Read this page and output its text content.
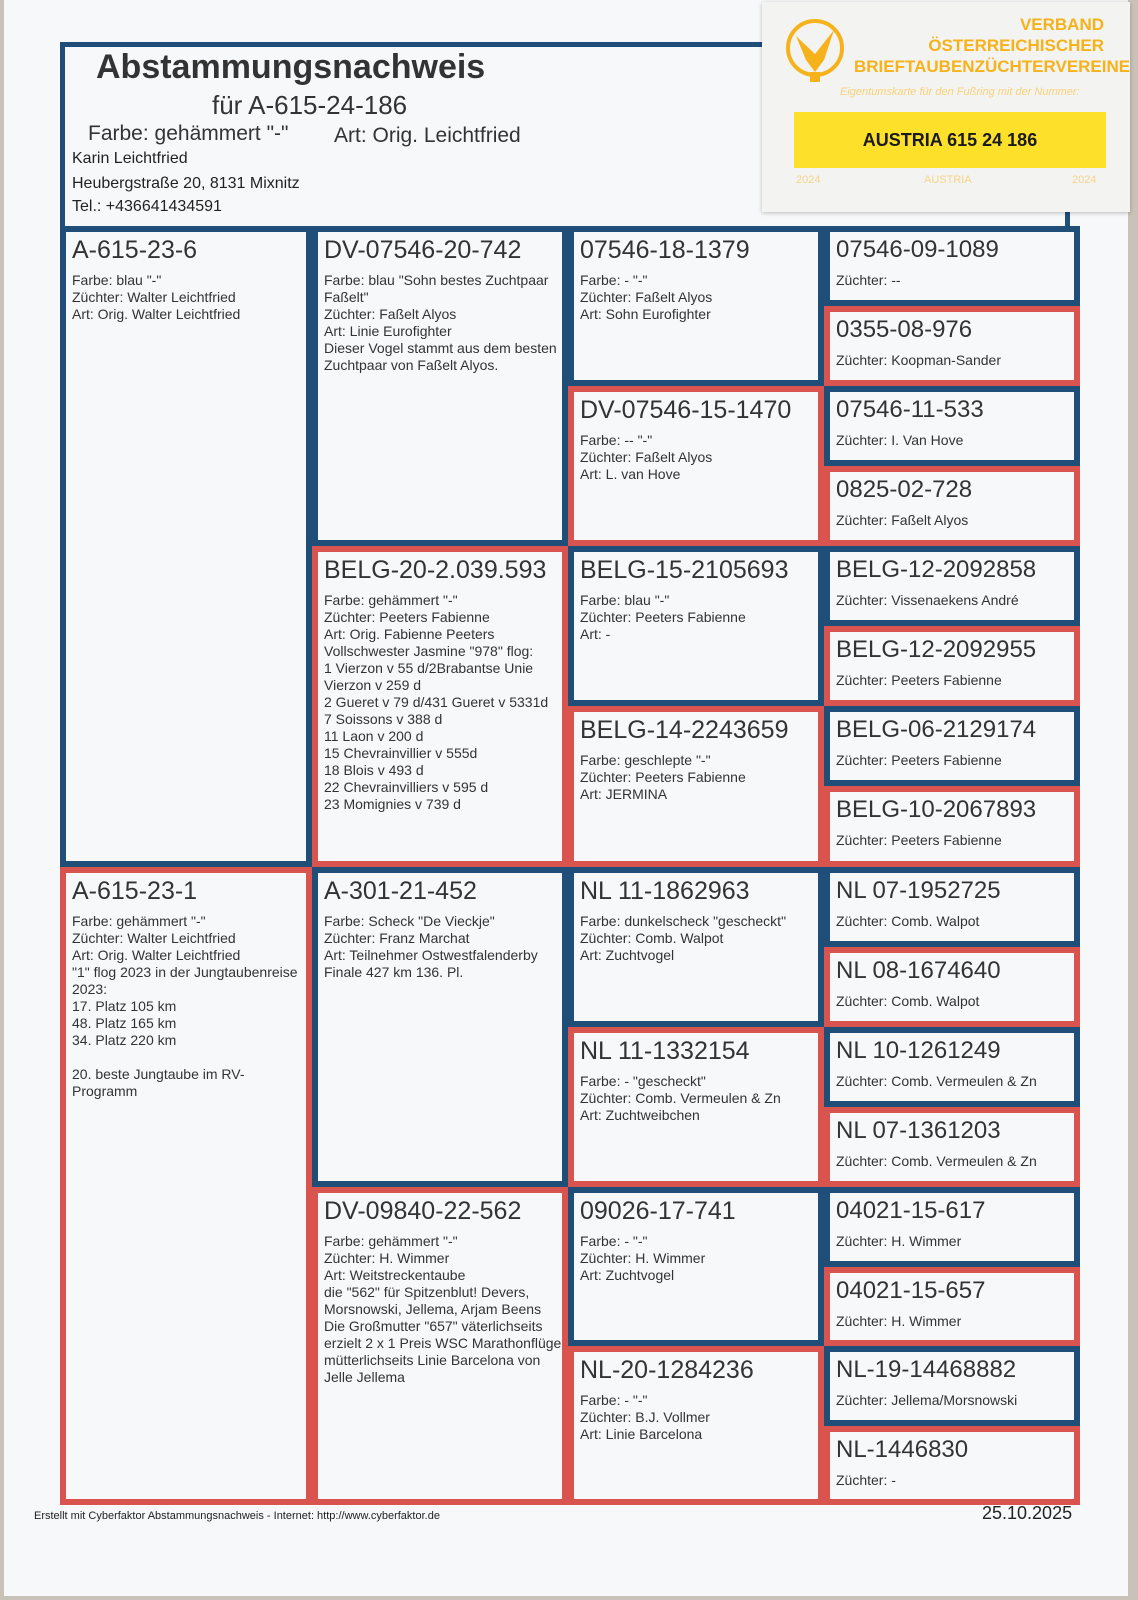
Abstammungsnachweis
für A-615-24-186
Farbe: gehämmert "-" Art: Orig. Leichtfried
Karin Leichtfried
Heubergstraße 20, 8131 Mixnitz
Tel.: +436641434591
VERBAND ÖSTERREICHISCHER BRIEFTAUBENZÜCHTERVEREINE
Eigentumskarte für den Fußring mit der Nummer:
AUSTRIA 615 24 186
2024	AUSTRIA	2024
A-615-23-6
Farbe: blau "-"
Züchter: Walter Leichtfried
Art: Orig. Walter Leichtfried
A-615-23-1
Farbe: gehämmert "-"
Züchter: Walter Leichtfried
Art: Orig. Walter Leichtfried
"1" flog 2023 in der Jungtaubenreise 2023:
17. Platz 105 km
48. Platz 165 km
34. Platz 220 km

20. beste Jungtaube im RV-Programm
DV-07546-20-742
Farbe: blau "Sohn bestes Zuchtpaar Faßelt"
Züchter: Faßelt Alyos
Art: Linie Eurofighter
Dieser Vogel stammt aus dem besten Zuchtpaar von Faßelt Alyos.
BELG-20-2.039.593
Farbe: gehämmert "-"
Züchter: Peeters Fabienne
Art: Orig. Fabienne Peeters
Vollschwester Jasmine "978" flog:
1 Vierzon v 55 d/2Brabantse Unie Vierzon v 259 d
2 Gueret v 79 d/431 Gueret v 5331d
7 Soissons v 388 d
11 Laon v 200 d
15 Chevrainvillier v 555d
18 Blois v 493 d
22 Chevrainvilliers v 595 d
23 Momignies v 739 d
A-301-21-452
Farbe: Scheck "De Vieckje"
Züchter: Franz Marchat
Art: Teilnehmer Ostwestfalenderby
Finale 427 km 136. Pl.
DV-09840-22-562
Farbe: gehämmert "-"
Züchter: H. Wimmer
Art: Weitstreckentaube
die "562" für Spitzenblut! Devers, Morsnowski, Jellema, Arjam Beens
Die Großmutter "657" väterlichseits erzielt 2 x 1 Preis WSC Marathonflüge
mütterlichseits Linie Barcelona von Jelle Jellema
07546-18-1379
Farbe: - "-"
Züchter: Faßelt Alyos
Art: Sohn Eurofighter
DV-07546-15-1470
Farbe: -- "-"
Züchter: Faßelt Alyos
Art: L. van Hove
BELG-15-2105693
Farbe: blau "-"
Züchter: Peeters Fabienne
Art: -
BELG-14-2243659
Farbe: geschlepte "-"
Züchter: Peeters Fabienne
Art: JERMINA
NL 11-1862963
Farbe: dunkelscheck "gescheckt"
Züchter: Comb. Walpot
Art: Zuchtvogel
NL 11-1332154
Farbe: - "gescheckt"
Züchter: Comb. Vermeulen & Zn
Art: Zuchtweibchen
09026-17-741
Farbe: - "-"
Züchter: H. Wimmer
Art: Zuchtvogel
NL-20-1284236
Farbe: - "-"
Züchter: B.J. Vollmer
Art: Linie Barcelona
07546-09-1089
Züchter: --
0355-08-976
Züchter: Koopman-Sander
07546-11-533
Züchter: I. Van Hove
0825-02-728
Züchter: Faßelt Alyos
BELG-12-2092858
Züchter: Vissenaekens André
BELG-12-2092955
Züchter: Peeters Fabienne
BELG-06-2129174
Züchter: Peeters Fabienne
BELG-10-2067893
Züchter: Peeters Fabienne
NL 07-1952725
Züchter: Comb. Walpot
NL 08-1674640
Züchter: Comb. Walpot
NL 10-1261249
Züchter: Comb. Vermeulen & Zn
NL 07-1361203
Züchter: Comb. Vermeulen & Zn
04021-15-617
Züchter: H. Wimmer
04021-15-657
Züchter: H. Wimmer
NL-19-14468882
Züchter: Jellema/Morsnowski
NL-1446830
Züchter: -
Erstellt mit Cyberfaktor Abstammungsnachweis - Internet: http://www.cyberfaktor.de	25.10.2025
